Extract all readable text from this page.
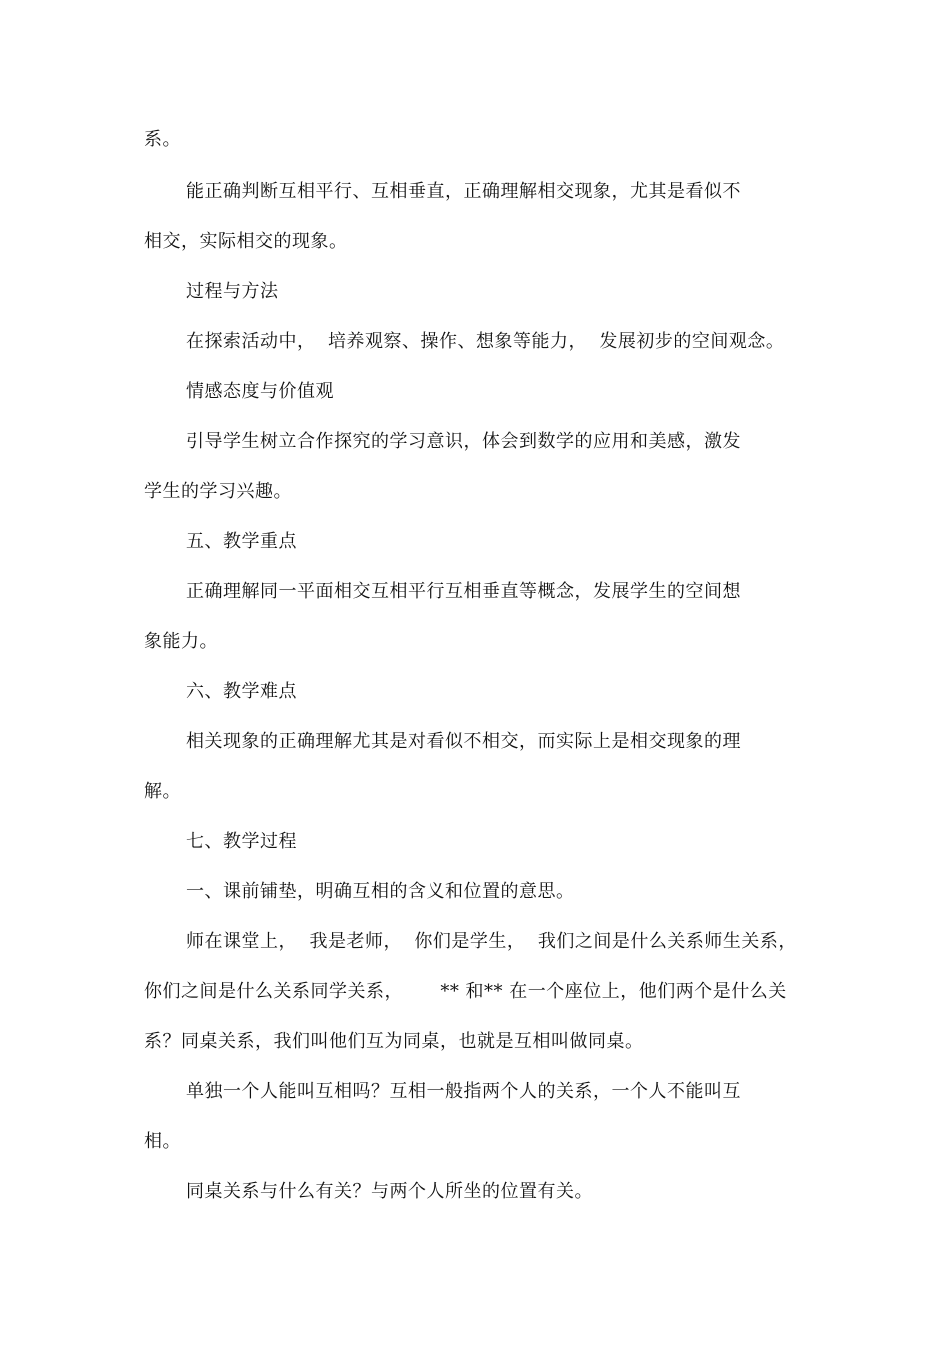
系。
能正确判断互相平行、互相垂直，正确理解相交现象，尤其是看似不
相交，实际相交的现象。
过程与方法
在探索活动中，  培养观察、操作、想象等能力，  发展初步的空间观念。
情感态度与价值观
引导学生树立合作探究的学习意识，体会到数学的应用和美感，激发
学生的学习兴趣。
五、教学重点
正确理解同一平面相交互相平行互相垂直等概念，发展学生的空间想
象能力。
六、教学难点
相关现象的正确理解尤其是对看似不相交，而实际上是相交现象的理
解。
七、教学过程
一、课前铺垫，明确互相的含义和位置的意思。
师在课堂上，  我是老师，  你们是学生，  我们之间是什么关系师生关系，
你们之间是什么关系同学关系，      ** 和** 在一个座位上，他们两个是什么关
系？同桌关系，我们叫他们互为同桌，也就是互相叫做同桌。
单独一个人能叫互相吗？互相一般指两个人的关系，一个人不能叫互
相。
同桌关系与什么有关？与两个人所坐的位置有关。
